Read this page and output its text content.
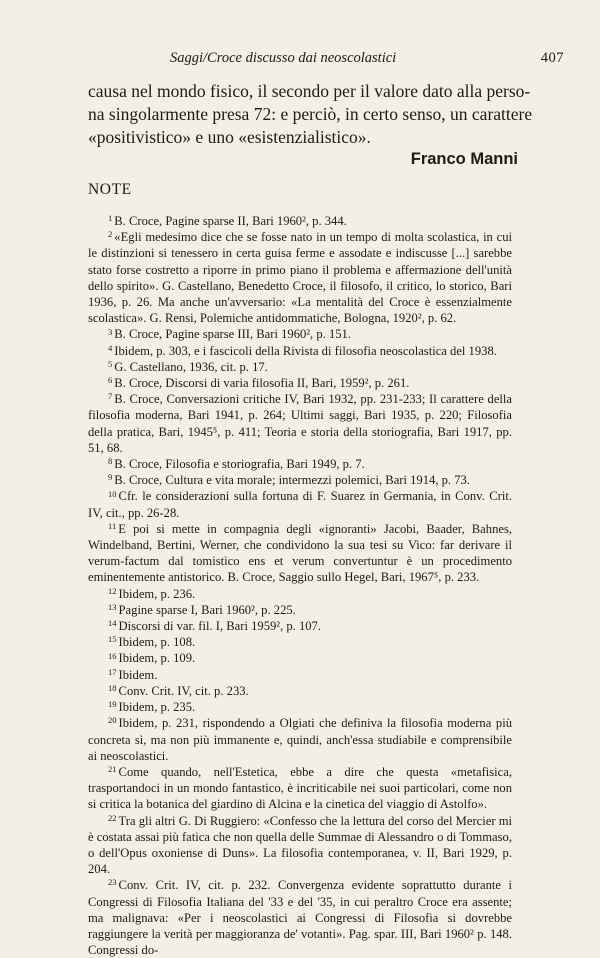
Saggi/Croce discusso dai neoscolastici	407
causa nel mondo fisico, il secondo per il valore dato alla perso-
na singolarmente presa 72: e perciò, in certo senso, un carattere
«positivistico» e uno «esistenzialistico».
Franco Manni
NOTE

$^1$ B. Croce, Pagine sparse II, Bari 1960², p. 344.

$^2$ «Egli medesimo dice che se fosse nato in un tempo di molta scolastica, in cui le distinzioni si tenessero in certa guisa ferme e assodate e indiscusse [...] sarebbe stato forse costretto a riporre in primo piano il problema e affermazione dell'unità dello spirito». G. Castellano, Benedetto Croce, il filosofo, il critico, lo storico, Bari 1936, p. 26. Ma anche un'avversario: «La mentalità del Croce è essenzialmente scolastica». G. Rensi, Polemiche antidommatiche, Bologna, 1920², p. 62.

$^3$ B. Croce, Pagine sparse III, Bari 1960², p. 151.

$^4$ Ibidem, p. 303, e i fascicoli della Rivista di filosofia neoscolastica del 1938.

$^5$ G. Castellano, 1936, cit. p. 17.

$^6$ B. Croce, Discorsi di varia filosofia II, Bari, 1959², p. 261.

$^7$ B. Croce, Conversazioni critiche IV, Bari 1932, pp. 231-233; Il carattere della filosofia moderna, Bari 1941, p. 264; Ultimi saggi, Bari 1935, p. 220; Filosofia della pratica, Bari, 1945⁵, p. 411; Teoria e storia della storiografia, Bari 1917, pp. 51, 68.

$^8$ B. Croce, Filosofia e storiografia, Bari 1949, p. 7.

$^9$ B. Croce, Cultura e vita morale; intermezzi polemici, Bari 1914, p. 73.

$^{10}$ Cfr. le considerazioni sulla fortuna di F. Suarez in Germania, in Conv. Crit. IV, cit., pp. 26-28.

$^{11}$ E poi si mette in compagnia degli «ignoranti» Jacobi, Baader, Bahnes, Windelband, Bertini, Werner, che condividono la sua tesi su Vico: far derivare il verum-factum dal tomistico ens et verum convertuntur è un procedimento eminentemente antistorico. B. Croce, Saggio sullo Hegel, Bari, 1967⁵, p. 233.

$^{12}$ Ibidem, p. 236.

$^{13}$ Pagine sparse I, Bari 1960², p. 225.

$^{14}$ Discorsi di var. fil. I, Bari 1959², p. 107.

$^{15}$ Ibidem, p. 108.

$^{16}$ Ibidem, p. 109.

$^{17}$ Ibidem.

$^{18}$ Conv. Crit. IV, cit. p. 233.

$^{19}$ Ibidem, p. 235.

$^{20}$ Ibidem, p. 231, rispondendo a Olgiati che definiva la filosofia moderna più concreta sì, ma non più immanente e, quindi, anch'essa studiabile e comprensibile ai neoscolastici.

$^{21}$ Come quando, nell'Estetica, ebbe a dire che questa «metafisica, trasportandoci in un mondo fantastico, è incriticabile nei suoi particolari, come non si critica la botanica del giardino di Alcina e la cinetica del viaggio di Astolfo».

$^{22}$ Tra gli altri G. Di Ruggiero: «Confesso che la lettura del corso del Mercier mi è costata assai più fatica che non quella delle Summae di Alessandro o di Tommaso, o dell'Opus oxoniense di Duns». La filosofia contemporanea, v. II, Bari 1929, p. 204.

$^{23}$ Conv. Crit. IV, cit. p. 232. Convergenza evidente soprattutto durante i Congressi di Filosofia Italiana del '33 e del '35, in cui peraltro Croce era assente; ma malignava: «Per i neoscolastici ai Congressi di Filosofia si dovrebbe raggiungere la verità per maggioranza de' votanti». Pag. spar. III, Bari 1960² p. 148. Congressi do-
